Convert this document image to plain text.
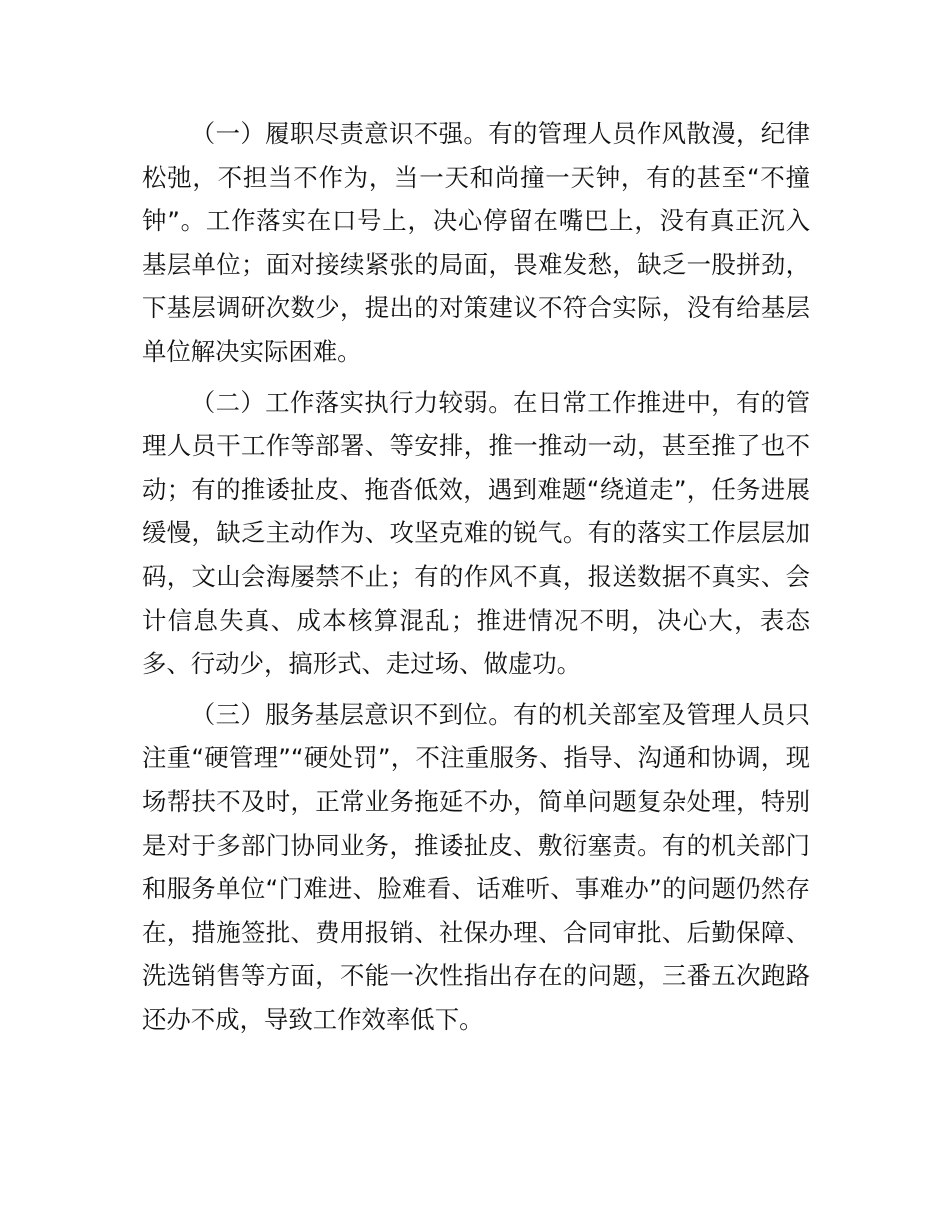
（一）履职尽责意识不强。有的管理人员作风散漫，纪律松弛，不担当不作为，当一天和尚撞一天钟，有的甚至“不撞钟”。工作落实在口号上，决心停留在嘴巴上，没有真正沉入基层单位；面对接续紧张的局面，畏难发愁，缺乏一股拼劲，下基层调研次数少，提出的对策建议不符合实际，没有给基层单位解决实际困难。

（二）工作落实执行力较弱。在日常工作推进中，有的管理人员干工作等部署、等安排，推一推动一动，甚至推了也不动；有的推诿扯皮、拖沓低效，遇到难题“绕道走”，任务进展缓慢，缺乏主动作为、攻坚克难的锐气。有的落实工作层层加码，文山会海屡禁不止；有的作风不真，报送数据不真实、会计信息失真、成本核算混乱；推进情况不明，决心大，表态多、行动少，搞形式、走过场、做虚功。

（三）服务基层意识不到位。有的机关部室及管理人员只注重“硬管理”“硬处罚”，不注重服务、指导、沟通和协调，现场帮扶不及时，正常业务拖延不办，简单问题复杂处理，特别是对于多部门协同业务，推诿扯皮、敷衍塞责。有的机关部门和服务单位“门难进、脸难看、话难听、事难办”的问题仍然存在，措施签批、费用报销、社保办理、合同审批、后勤保障、洗选销售等方面，不能一次性指出存在的问题，三番五次跑路还办不成，导致工作效率低下。
